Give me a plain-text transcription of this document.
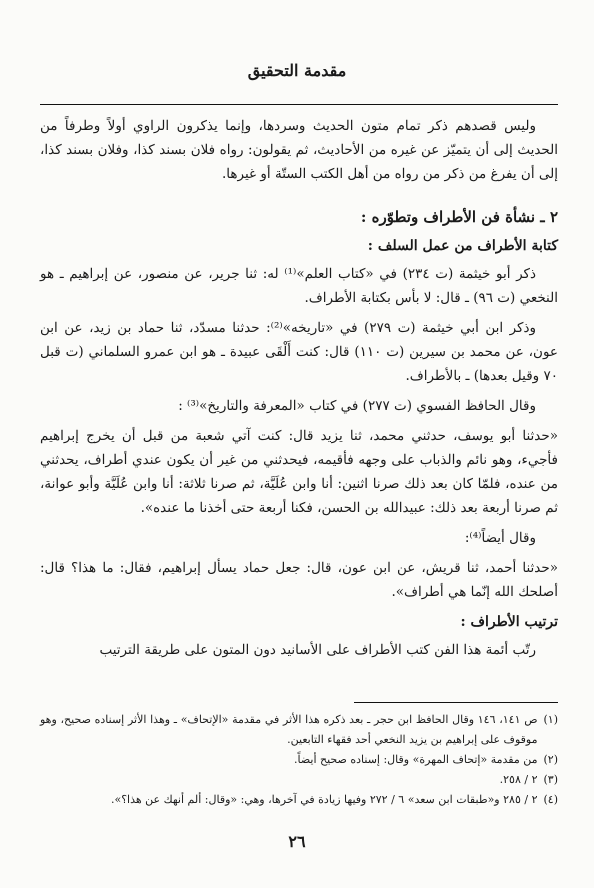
مقدمة التحقيق

وليس قصدهم ذكر تمام متون الحديث وسردها، وإنما يذكرون الراوي أولاً وطرفاً من الحديث إلى أن يتميّز عن غيره من الأحاديث، ثم يقولون: رواه فلان بسند كذا، وفلان بسند كذا، إلى أن يفرغ من ذكر من رواه من أهل الكتب الستّة أو غيرها.

٢ ـ نشأة فن الأطراف وتطوّره :
كتابة الأطراف من عمل السلف :

ذكر أبو خيثمة (ت ٢٣٤) في «كتاب العلم»⁽¹⁾ له: ثنا جرير، عن منصور، عن إبراهيم ـ هو النخعي (ت ٩٦) ـ قال: لا بأس بكتابة الأطراف.

وذكر ابن أبي خيثمة (ت ٢٧٩) في «تاريخه»⁽²⁾: حدثنا مسدّد، ثنا حماد بن زيد، عن ابن عون، عن محمد بن سيرين (ت ١١٠) قال: كنت أَلْقَى عبيدة ـ هو ابن عمرو السلماني (ت قبل ٧٠ وقيل بعدها) ـ بالأطراف.

وقال الحافظ الفسوي (ت ٢٧٧) في كتاب «المعرفة والتاريخ»⁽³⁾ :

«حدثنا أبو يوسف، حدثني محمد، ثنا يزيد قال: كنت آتي شعبة من قبل أن يخرج إبراهيم فأجيء، وهو نائم والذباب على وجهه فأقيمه، فيحدثني من غير أن يكون عندي أطراف، يحدثني من عنده، فلمّا كان بعد ذلك صرنا اثنين: أنا وابن عُلَيَّة، ثم صرنا ثلاثة: أنا وابن عُلَيَّة وأبو عوانة، ثم صرنا أربعة بعد ذلك: عبيدالله بن الحسن، فكنا أربعة حتى أخذنا ما عنده».

وقال أيضاً⁽⁴⁾:

«حدثنا أحمد، ثنا قريش، عن ابن عون، قال: جعل حماد يسأل إبراهيم، فقال: ما هذا؟ قال: أصلحك الله إنّما هي أطراف».

ترتيب الأطراف :

رتّب أئمة هذا الفن كتب الأطراف على الأسانيد دون المتون على طريقة الترتيب

(١)
ص ١٤١، ١٤٦ وقال الحافظ ابن حجر ـ بعد ذكره هذا الأثر في مقدمة «الإتحاف» ـ وهذا الأثر إسناده صحيح، وهو موقوف على إبراهيم بن يزيد النخعي أحد فقهاء التابعين.
(٢)
من مقدمة «إتحاف المهرة» وقال: إسناده صحيح أيضاً.
(٣)
٢ / ٢٥٨.
(٤)
٢ / ٢٨٥ و«طبقات ابن سعد» ٦ / ٢٧٢ وفيها زيادة في آخرها، وهي: «وقال: ألم أنهك عن هذا؟».
٢٦
